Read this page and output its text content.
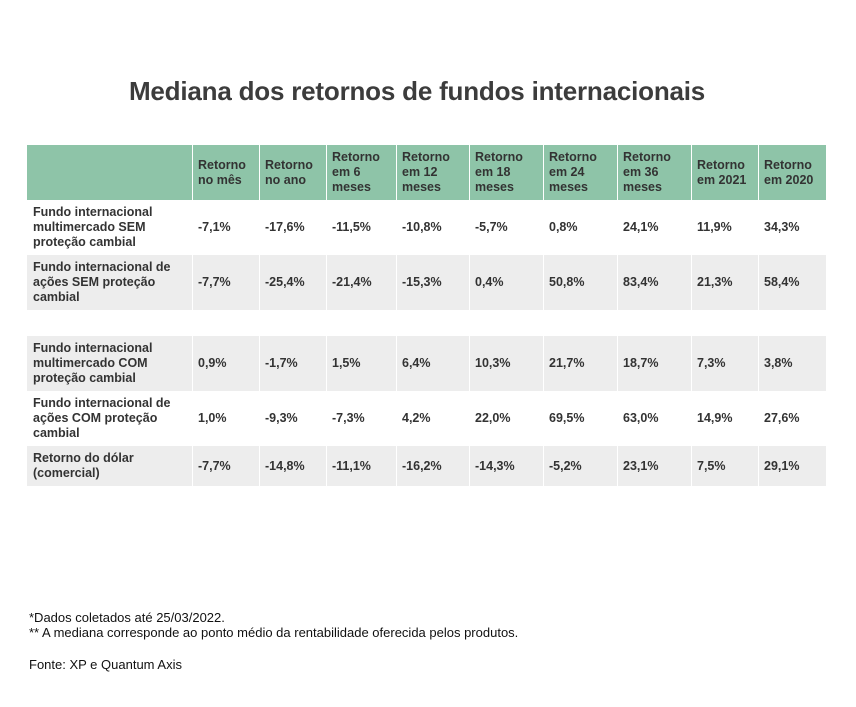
Mediana dos retornos de fundos internacionais
	Retorno no mês	Retorno no ano	Retorno em 6 meses	Retorno em 12 meses	Retorno em 18 meses	Retorno em 24 meses	Retorno em 36 meses	Retorno em 2021	Retorno em 2020
Fundo internacional multimercado SEM proteção cambial	-7,1%	-17,6%	-11,5%	-10,8%	-5,7%	0,8%	24,1%	11,9%	34,3%
Fundo internacional de ações SEM proteção cambial	-7,7%	-25,4%	-21,4%	-15,3%	0,4%	50,8%	83,4%	21,3%	58,4%

Fundo internacional multimercado COM proteção cambial	0,9%	-1,7%	1,5%	6,4%	10,3%	21,7%	18,7%	7,3%	3,8%
Fundo internacional de ações COM proteção cambial	1,0%	-9,3%	-7,3%	4,2%	22,0%	69,5%	63,0%	14,9%	27,6%
Retorno do dólar (comercial)	-7,7%	-14,8%	-11,1%	-16,2%	-14,3%	-5,2%	23,1%	7,5%	29,1%
*Dados coletados até 25/03/2022.
** A mediana corresponde ao ponto médio da rentabilidade oferecida pelos produtos.
Fonte: XP e Quantum Axis
